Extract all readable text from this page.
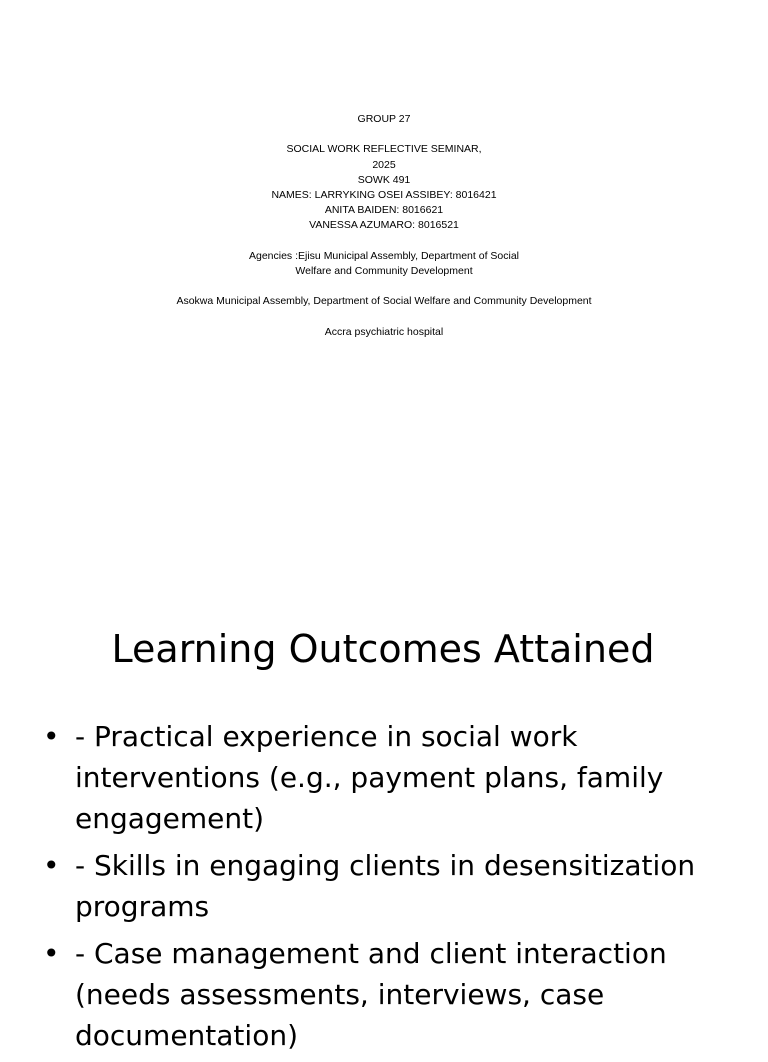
GROUP 27
SOCIAL WORK REFLECTIVE SEMINAR,
2025
SOWK 491
NAMES: LARRYKING OSEI ASSIBEY: 8016421
ANITA BAIDEN: 8016621
VANESSA AZUMARO: 8016521
Agencies :Ejisu Municipal Assembly, Department of Social
Welfare and Community Development
Asokwa Municipal Assembly, Department of Social Welfare and Community Development
Accra psychiatric hospital
Learning Outcomes Attained
• - Practical experience in social work interventions (e.g., payment plans, family engagement)
• - Skills in engaging clients in desensitization programs
• - Case management and client interaction (needs assessments, interviews, case documentation)
